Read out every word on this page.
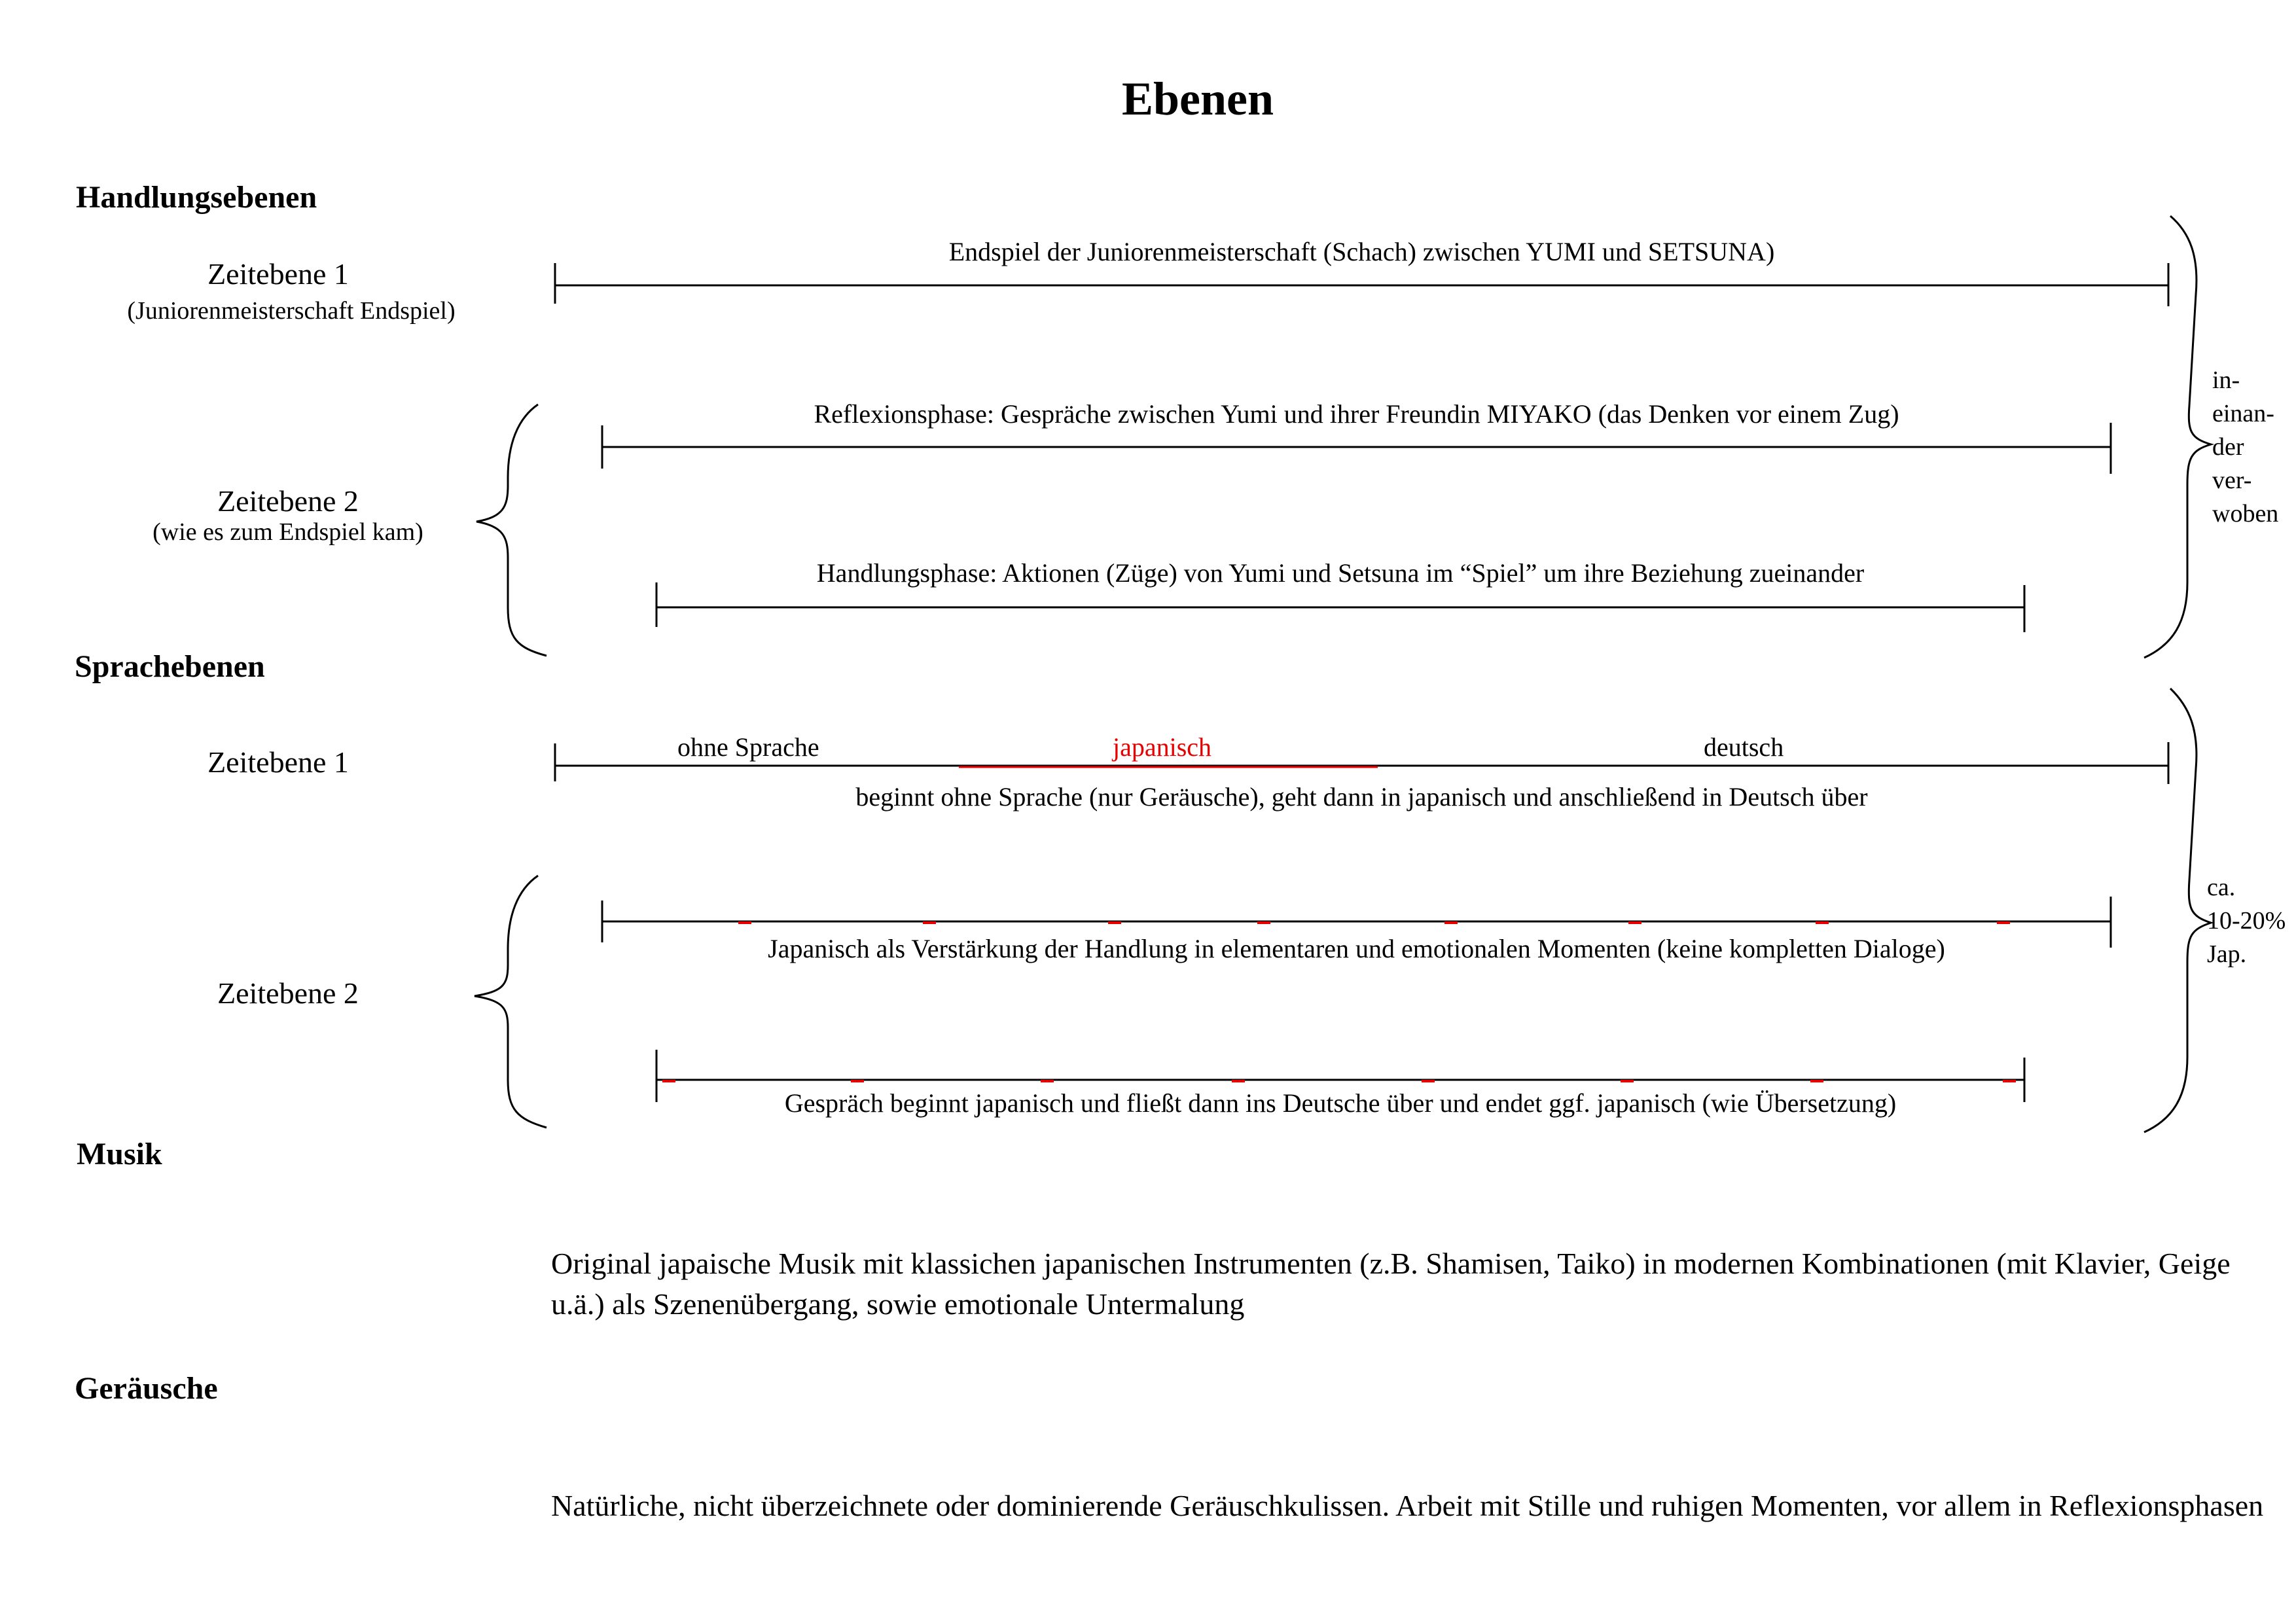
Ebenen
Handlungsebenen
Sprachebenen
Musik
Geräusche
Zeitebene 1
(Juniorenmeisterschaft Endspiel)
Zeitebene 2
(wie es zum Endspiel kam)
Endspiel der Juniorenmeisterschaft (Schach) zwischen YUMI und SETSUNA)
Reflexionsphase: Gespräche zwischen Yumi und ihrer Freundin MIYAKO (das Denken vor einem Zug)
Handlungsphase: Aktionen (Züge) von Yumi und Setsuna im “Spiel” um ihre Beziehung zueinander
in-
einan-
der
ver-
woben
Zeitebene 1
Zeitebene 2
ohne Sprache	japanisch	deutsch
beginnt ohne Sprache (nur Geräusche), geht dann in japanisch und anschließend in Deutsch über
Japanisch als Verstärkung der Handlung in elementaren und emotionalen Momenten (keine kompletten Dialoge)
Gespräch beginnt japanisch und fließt dann ins Deutsche über und endet ggf. japanisch (wie Übersetzung)
ca.
10-20%
Jap.
Original japaische Musik mit klassichen japanischen Instrumenten (z.B. Shamisen, Taiko) in modernen Kombinationen (mit Klavier, Geige u.ä.) als Szenenübergang, sowie emotionale Untermalung
Natürliche, nicht überzeichnete oder dominierende Geräuschkulissen. Arbeit mit Stille und ruhigen Momenten, vor allem in Reflexionsphasen
